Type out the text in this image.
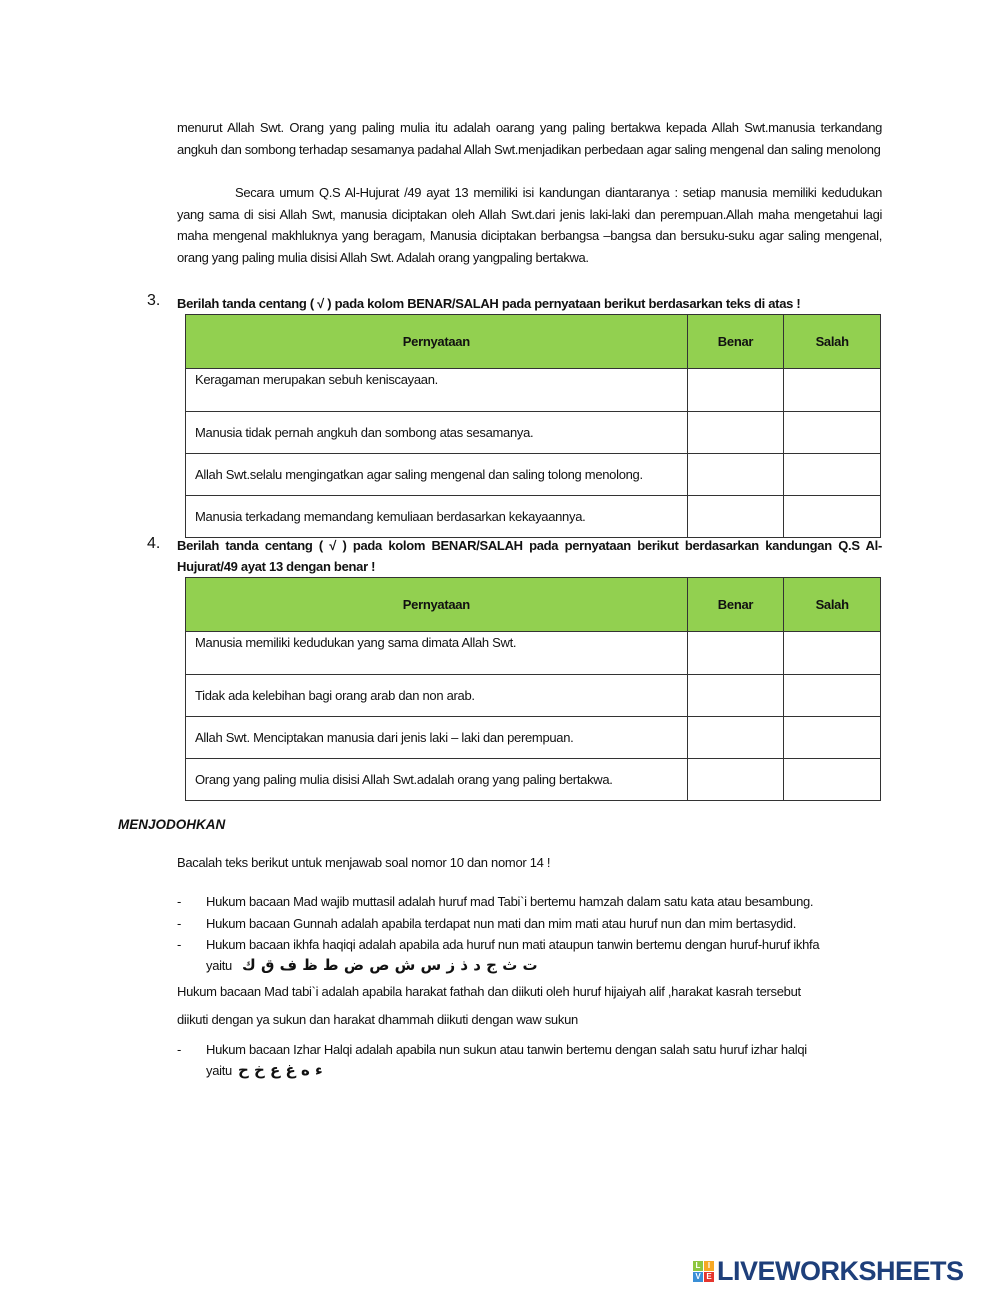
menurut Allah Swt. Orang yang paling mulia itu adalah oarang yang paling bertakwa kepada Allah Swt.manusia terkandang angkuh dan sombong terhadap sesamanya padahal Allah Swt.menjadikan perbedaan agar saling mengenal dan saling menolong
Secara umum Q.S Al-Hujurat /49 ayat 13 memiliki isi kandungan diantaranya : setiap manusia memiliki kedudukan yang sama di sisi Allah Swt, manusia diciptakan oleh Allah Swt.dari jenis laki-laki dan perempuan.Allah maha mengetahui lagi maha mengenal makhluknya yang beragam, Manusia diciptakan berbangsa –bangsa dan bersuku-suku agar saling mengenal, orang yang paling mulia disisi Allah Swt. Adalah orang yangpaling bertakwa.
3. Berilah tanda centang ( √ ) pada kolom BENAR/SALAH pada pernyataan berikut berdasarkan teks di atas !
Pernyataan	Benar	Salah
Keragaman merupakan sebuh keniscayaan.		
Manusia tidak pernah angkuh dan sombong atas sesamanya.		
Allah Swt.selalu mengingatkan agar saling mengenal dan saling tolong menolong.		
Manusia terkadang memandang kemuliaan berdasarkan kekayaannya.		
4. Berilah tanda centang ( √ ) pada kolom BENAR/SALAH pada pernyataan berikut berdasarkan kandungan Q.S Al-Hujurat/49 ayat 13 dengan benar !
Pernyataan	Benar	Salah
Manusia memiliki kedudukan yang sama dimata Allah Swt.		
Tidak ada kelebihan bagi orang arab dan non arab.		
Allah Swt. Menciptakan manusia dari jenis laki – laki dan perempuan.		
Orang yang paling mulia disisi Allah Swt.adalah orang yang paling bertakwa.		
MENJODOHKAN
Bacalah teks berikut untuk menjawab soal nomor 10 dan nomor 14 !
- Hukum bacaan Mad wajib muttasil adalah huruf mad Tabi`i bertemu hamzah dalam satu kata atau besambung.
- Hukum bacaan Gunnah adalah apabila terdapat nun mati dan mim mati atau huruf nun dan mim bertasydid.
- Hukum bacaan ikhfa haqiqi adalah apabila ada huruf nun mati ataupun tanwin bertemu dengan huruf-huruf ikhfa
yaitu ت ث ج د ذ ز س ش ص ض ط ظ ف ق ك
Hukum bacaan Mad tabi`i adalah apabila harakat fathah dan diikuti oleh huruf hijaiyah alif ,harakat kasrah tersebut
diikuti dengan ya sukun dan harakat dhammah diikuti dengan waw sukun
- Hukum bacaan Izhar Halqi adalah apabila nun sukun atau tanwin bertemu dengan salah satu huruf izhar halqi
yaitu ء ه غ ع خ ح
L I
V E LIVEWORKSHEETS
